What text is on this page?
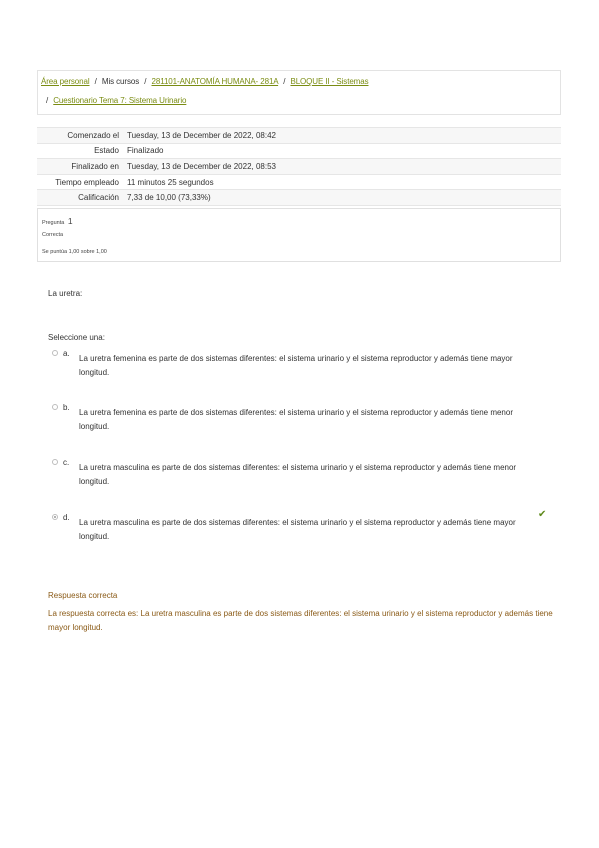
Área personal / Mis cursos / 281101-ANATOMÍA HUMANA- 281A / BLOQUE II - Sistemas
/ Cuestionario Tema 7: Sistema Urinario
Comenzado el	Tuesday, 13 de December de 2022, 08:42
Estado	Finalizado
Finalizado en	Tuesday, 13 de December de 2022, 08:53
Tiempo empleado	11 minutos 25 segundos
Calificación	7,33 de 10,00 (73,33%)
Pregunta 1
Correcta
Se puntúa 1,00 sobre 1,00
La uretra:
Seleccione una:
a.
La uretra femenina es parte de dos sistemas diferentes: el sistema urinario y el sistema reproductor y además tiene mayor longitud.
b.
La uretra femenina es parte de dos sistemas diferentes: el sistema urinario y el sistema reproductor y además tiene menor longitud.
c.
La uretra masculina es parte de dos sistemas diferentes: el sistema urinario y el sistema reproductor y además tiene menor longitud.
d.
La uretra masculina es parte de dos sistemas diferentes: el sistema urinario y el sistema reproductor y además tiene mayor longitud.
✔
Respuesta correcta
La respuesta correcta es: La uretra masculina es parte de dos sistemas diferentes: el sistema urinario y el sistema reproductor y además tiene mayor longitud.
